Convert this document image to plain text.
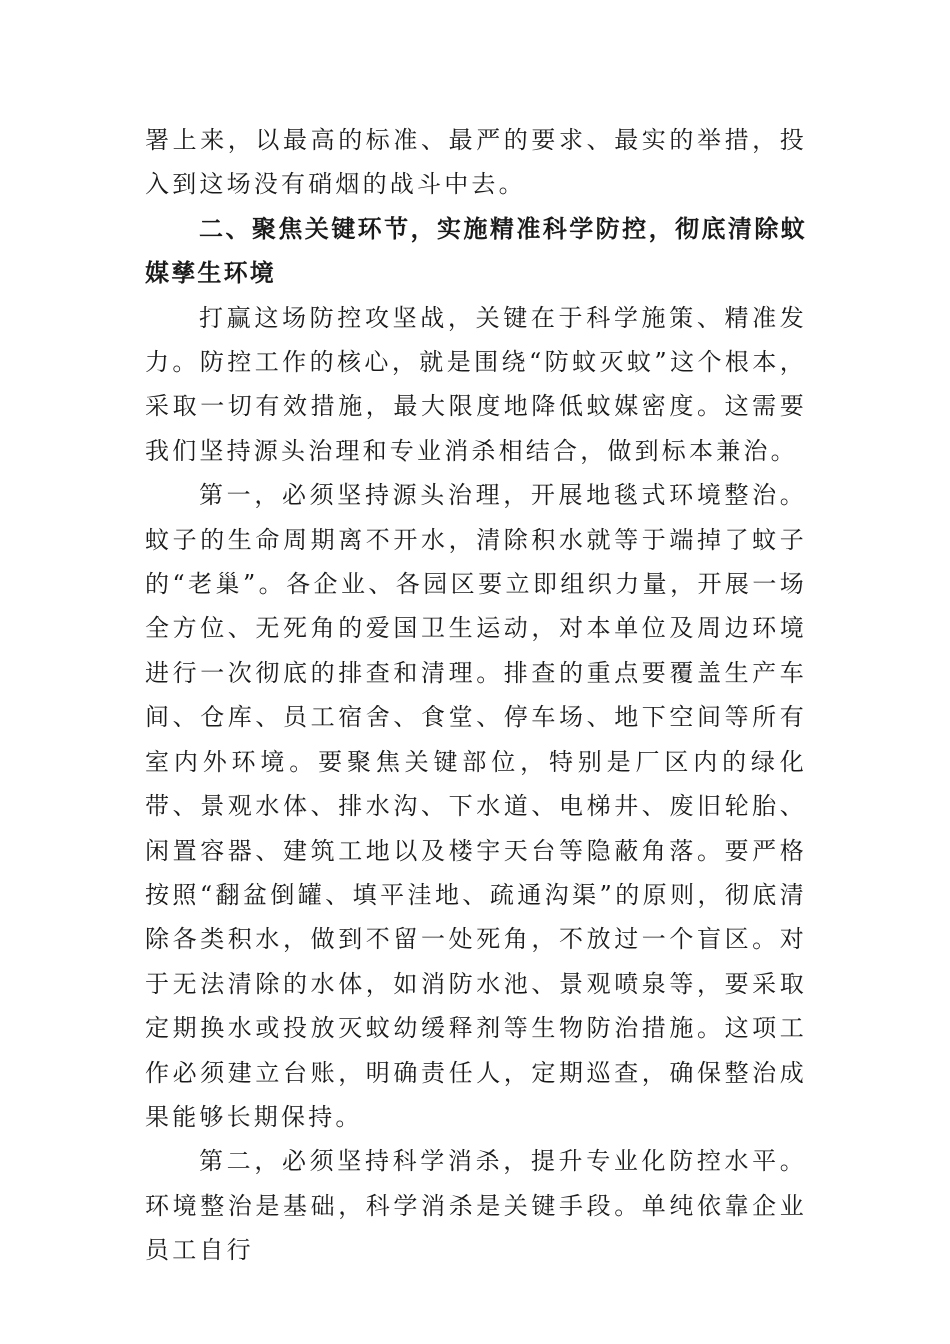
署上来，以最高的标准、最严的要求、最实的举措，投入到这场没有硝烟的战斗中去。

二、聚焦关键环节，实施精准科学防控，彻底清除蚊媒孳生环境

打赢这场防控攻坚战，关键在于科学施策、精准发力。防控工作的核心，就是围绕“防蚊灭蚊”这个根本，采取一切有效措施，最大限度地降低蚊媒密度。这需要我们坚持源头治理和专业消杀相结合，做到标本兼治。

第一，必须坚持源头治理，开展地毯式环境整治。蚊子的生命周期离不开水，清除积水就等于端掉了蚊子的“老巢”。各企业、各园区要立即组织力量，开展一场全方位、无死角的爱国卫生运动，对本单位及周边环境进行一次彻底的排查和清理。排查的重点要覆盖生产车间、仓库、员工宿舍、食堂、停车场、地下空间等所有室内外环境。要聚焦关键部位，特别是厂区内的绿化带、景观水体、排水沟、下水道、电梯井、废旧轮胎、闲置容器、建筑工地以及楼宇天台等隐蔽角落。要严格按照“翻盆倒罐、填平洼地、疏通沟渠”的原则，彻底清除各类积水，做到不留一处死角，不放过一个盲区。对于无法清除的水体，如消防水池、景观喷泉等，要采取定期换水或投放灭蚊幼缓释剂等生物防治措施。这项工作必须建立台账，明确责任人，定期巡查，确保整治成果能够长期保持。

第二，必须坚持科学消杀，提升专业化防控水平。环境整治是基础，科学消杀是关键手段。单纯依靠企业员工自行
